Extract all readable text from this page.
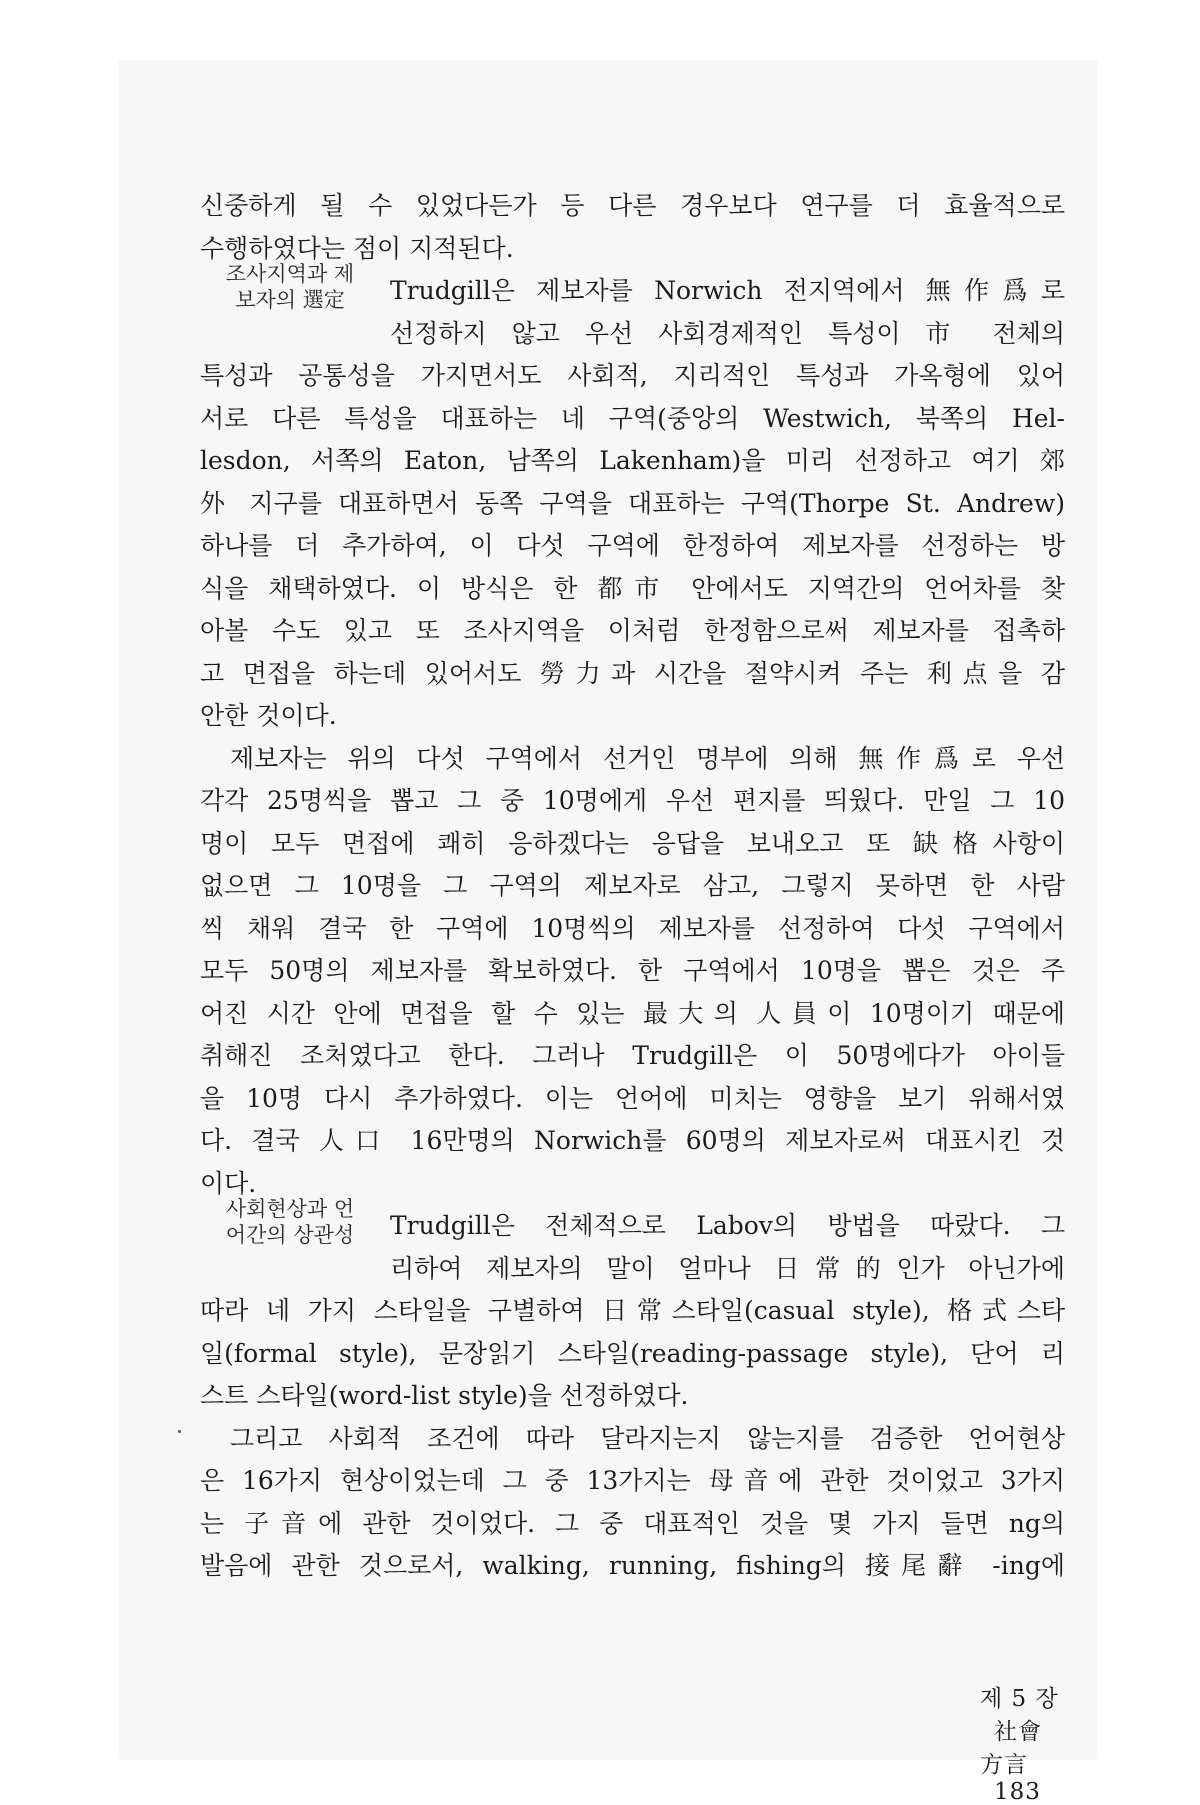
조사지역과 제
보자의 選定
사회현상과 언
어간의 상관성
신중하게 될 수 있었다든가 등 다른 경우보다 연구를 더 효율적으로
수행하였다는 점이 지적된다.
Trudgill은 제보자를 Norwich 전지역에서 無作爲로
선정하지 않고 우선 사회경제적인 특성이 市 전체의
특성과 공통성을 가지면서도 사회적, 지리적인 특성과 가옥형에 있어
서로 다른 특성을 대표하는 네 구역(중앙의 Westwich, 북쪽의 Hel-
lesdon, 서쪽의 Eaton, 남쪽의 Lakenham)을 미리 선정하고 여기 郊
外 지구를 대표하면서 동쪽 구역을 대표하는 구역(Thorpe St. Andrew)
하나를 더 추가하여, 이 다섯 구역에 한정하여 제보자를 선정하는 방
식을 채택하였다. 이 방식은 한 都市 안에서도 지역간의 언어차를 찾
아볼 수도 있고 또 조사지역을 이처럼 한정함으로써 제보자를 접촉하
고 면접을 하는데 있어서도 勞力과 시간을 절약시켜 주는 利点을 감
안한 것이다.
제보자는 위의 다섯 구역에서 선거인 명부에 의해 無作爲로 우선
각각 25명씩을 뽑고 그 중 10명에게 우선 편지를 띄웠다. 만일 그 10
명이 모두 면접에 쾌히 응하겠다는 응답을 보내오고 또 缺格사항이
없으면 그 10명을 그 구역의 제보자로 삼고, 그렇지 못하면 한 사람
씩 채워 결국 한 구역에 10명씩의 제보자를 선정하여 다섯 구역에서
모두 50명의 제보자를 확보하였다. 한 구역에서 10명을 뽑은 것은 주
어진 시간 안에 면접을 할 수 있는 最大의 人員이 10명이기 때문에
취해진 조처였다고 한다. 그러나 Trudgill은 이 50명에다가 아이들
을 10명 다시 추가하였다. 이는 언어에 미치는 영향을 보기 위해서였
다. 결국 人口 16만명의 Norwich를 60명의 제보자로써 대표시킨 것
이다.
Trudgill은 전체적으로 Labov의 방법을 따랐다. 그
리하여 제보자의 말이 얼마나 日常的인가 아닌가에
따라 네 가지 스타일을 구별하여 日常스타일(casual style), 格式스타
일(formal style), 문장읽기 스타일(reading-passage style), 단어 리
스트 스타일(word-list style)을 선정하였다.
그리고 사회적 조건에 따라 달라지는지 않는지를 검증한 언어현상
은 16가지 현상이었는데 그 중 13가지는 母音에 관한 것이었고 3가지
는 子音에 관한 것이었다. 그 중 대표적인 것을 몇 가지 들면 ng의
발음에 관한 것으로서, walking, running, fishing의 接尾辭 -ing에
제 5 장 社會方言 183
